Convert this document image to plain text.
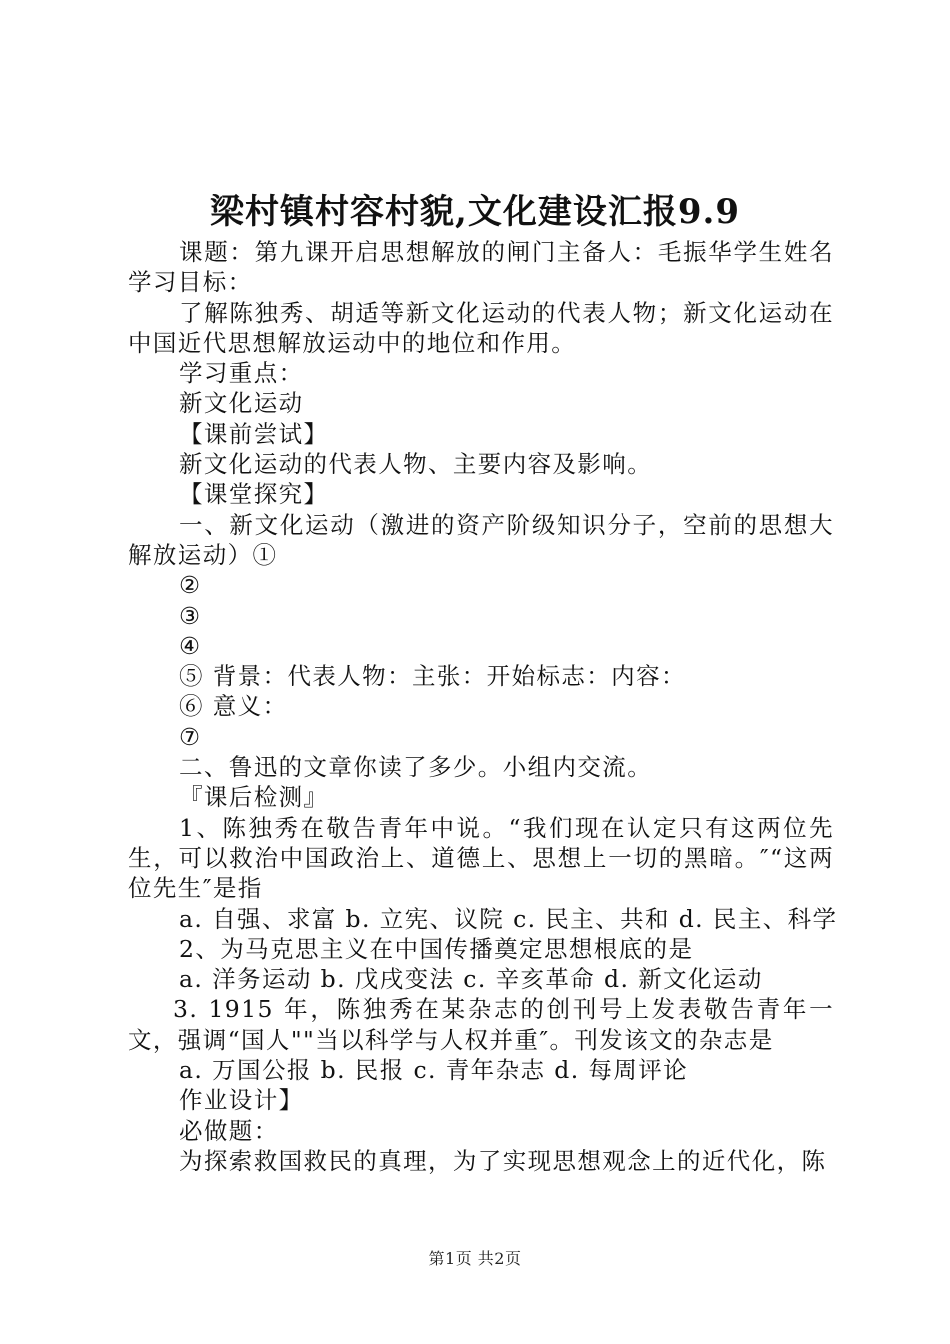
梁村镇村容村貌,文化建设汇报9.9

课题：第九课开启思想解放的闸门主备人：毛振华学生姓名学习目标：

了解陈独秀、胡适等新文化运动的代表人物；新文化运动在中国近代思想解放运动中的地位和作用。

学习重点：

新文化运动

【课前尝试】

新文化运动的代表人物、主要内容及影响。

【课堂探究】

一、新文化运动（激进的资产阶级知识分子，空前的思想大解放运动）①

②

③

④

⑤ 背景：代表人物：主张：开始标志：内容：

⑥ 意义：

⑦

二、鲁迅的文章你读了多少。小组内交流。

『课后检测』

1、陈独秀在敬告青年中说。“我们现在认定只有这两位先生，可以救治中国政治上、道德上、思想上一切的黑暗。″“这两位先生″是指

a. 自强、求富 b. 立宪、议院 c. 民主、共和 d. 民主、科学

2、为马克思主义在中国传播奠定思想根底的是

a. 洋务运动 b. 戊戌变法 c. 辛亥革命 d. 新文化运动

3. 1915 年，陈独秀在某杂志的创刊号上发表敬告青年一文，强调“国人""当以科学与人权并重″。刊发该文的杂志是

a. 万国公报 b. 民报 c. 青年杂志 d. 每周评论

作业设计】

必做题：

为探索救国救民的真理，为了实现思想观念上的近代化，陈

第1页 共2页
